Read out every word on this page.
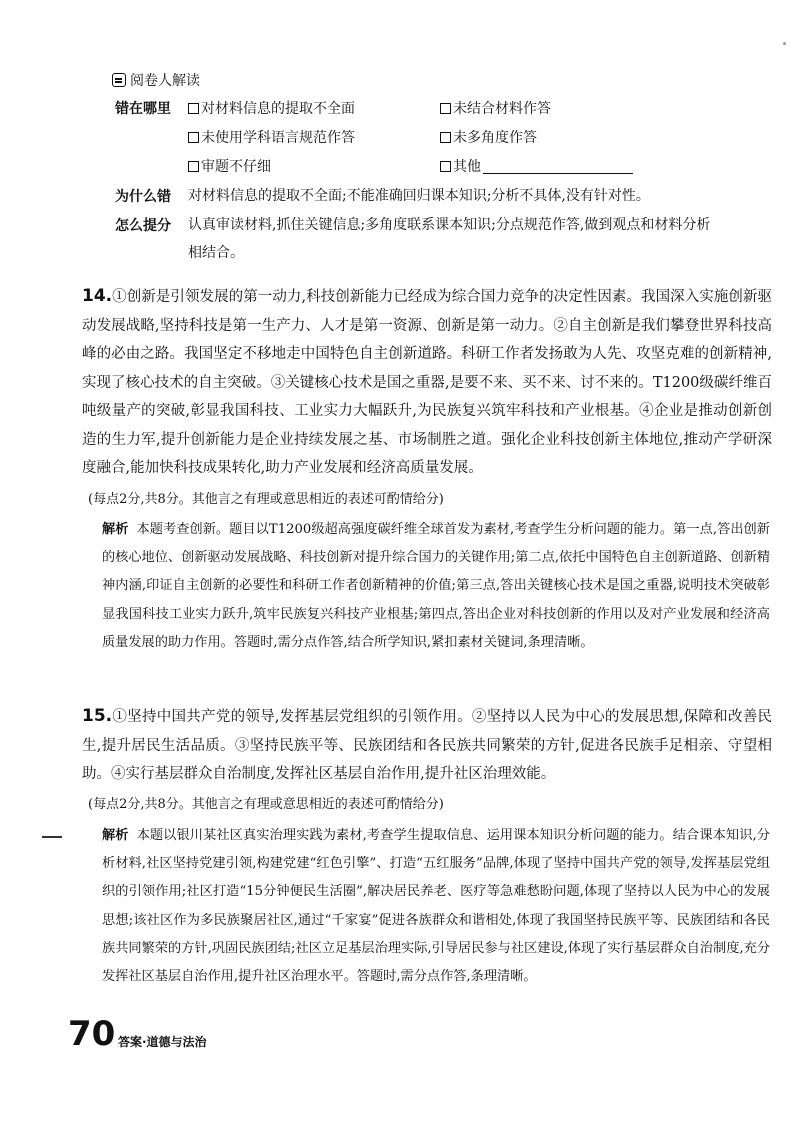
阅卷人解读
错在哪里 对材料信息的提取不全面	未结合材料作答
未使用学科语言规范作答	未多角度作答
审题不仔细	其他
为什么错 对材料信息的提取不全面;不能准确回归课本知识;分析不具体,没有针对性。
怎么提分 认真审读材料,抓住关键信息;多角度联系课本知识;分点规范作答,做到观点和材料分析
相结合。
14.①创新是引领发展的第一动力,科技创新能力已经成为综合国力竞争的决定性因素。我国深入实施创新驱动发展战略,坚持科技是第一生产力、人才是第一资源、创新是第一动力。②自主创新是我们攀登世界科技高峰的必由之路。我国坚定不移地走中国特色自主创新道路。科研工作者发扬敢为人先、攻坚克难的创新精神,实现了核心技术的自主突破。③关键核心技术是国之重器,是要不来、买不来、讨不来的。T1200级碳纤维百吨级量产的突破,彰显我国科技、工业实力大幅跃升,为民族复兴筑牢科技和产业根基。④企业是推动创新创造的生力军,提升创新能力是企业持续发展之基、市场制胜之道。强化企业科技创新主体地位,推动产学研深度融合,能加快科技成果转化,助力产业发展和经济高质量发展。
(每点2分,共8分。其他言之有理或意思相近的表述可酌情给分)
解析 本题考查创新。题目以T1200级超高强度碳纤维全球首发为素材,考查学生分析问题的能力。第一点,答出创新的核心地位、创新驱动发展战略、科技创新对提升综合国力的关键作用;第二点,依托中国特色自主创新道路、创新精神内涵,印证自主创新的必要性和科研工作者创新精神的价值;第三点,答出关键核心技术是国之重器,说明技术突破彰显我国科技工业实力跃升,筑牢民族复兴科技产业根基;第四点,答出企业对科技创新的作用以及对产业发展和经济高质量发展的助力作用。答题时,需分点作答,结合所学知识,紧扣素材关键词,条理清晰。
15.①坚持中国共产党的领导,发挥基层党组织的引领作用。②坚持以人民为中心的发展思想,保障和改善民生,提升居民生活品质。③坚持民族平等、民族团结和各民族共同繁荣的方针,促进各民族手足相亲、守望相助。④实行基层群众自治制度,发挥社区基层自治作用,提升社区治理效能。
(每点2分,共8分。其他言之有理或意思相近的表述可酌情给分)
解析 本题以银川某社区真实治理实践为素材,考查学生提取信息、运用课本知识分析问题的能力。结合课本知识,分析材料,社区坚持党建引领,构建党建“红色引擎”、打造“五红服务”品牌,体现了坚持中国共产党的领导,发挥基层党组织的引领作用;社区打造“15分钟便民生活圈”,解决居民养老、医疗等急难愁盼问题,体现了坚持以人民为中心的发展思想;该社区作为多民族聚居社区,通过“千家宴”促进各族群众和谐相处,体现了我国坚持民族平等、民族团结和各民族共同繁荣的方针,巩固民族团结;社区立足基层治理实际,引导居民参与社区建设,体现了实行基层群众自治制度,充分发挥社区基层自治作用,提升社区治理水平。答题时,需分点作答,条理清晰。
70 答案·道德与法治
